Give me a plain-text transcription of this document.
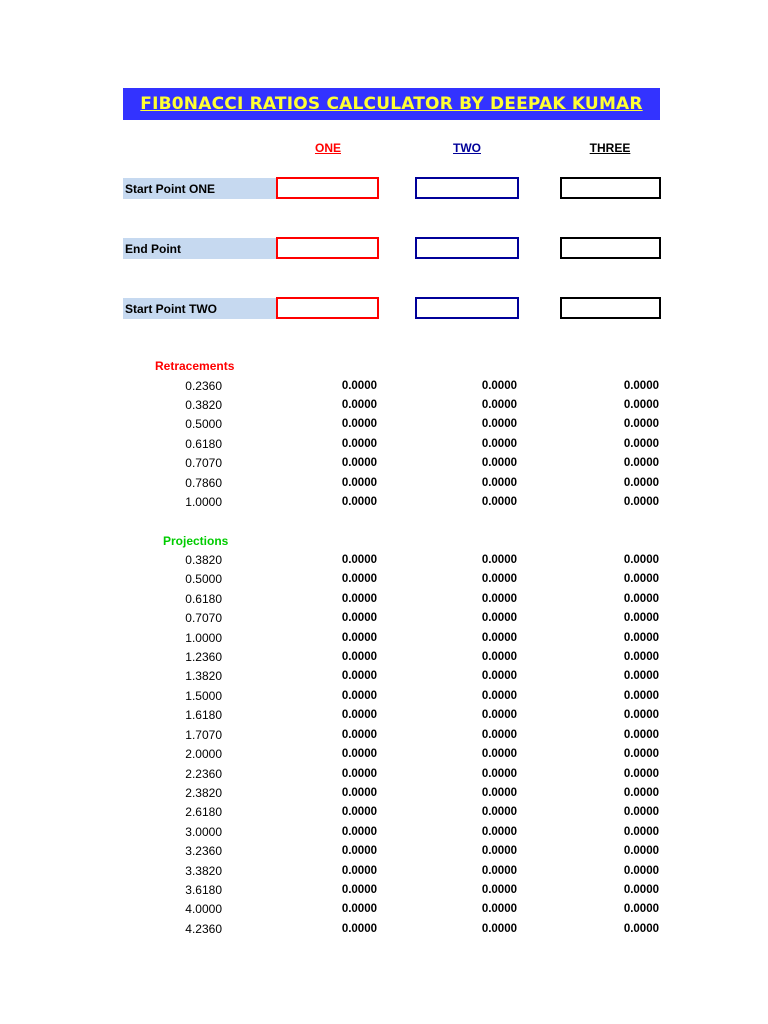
FIB0NACCI RATIOS CALCULATOR BY DEEPAK KUMAR
ONE	TWO	THREE
Start Point ONE
End Point
Start Point TWO
Retracements
Projections
0.2360	0.0000	0.0000	0.0000
0.3820	0.0000	0.0000	0.0000
0.5000	0.0000	0.0000	0.0000
0.6180	0.0000	0.0000	0.0000
0.7070	0.0000	0.0000	0.0000
0.7860	0.0000	0.0000	0.0000
1.0000	0.0000	0.0000	0.0000
0.3820	0.0000	0.0000	0.0000
0.5000	0.0000	0.0000	0.0000
0.6180	0.0000	0.0000	0.0000
0.7070	0.0000	0.0000	0.0000
1.0000	0.0000	0.0000	0.0000
1.2360	0.0000	0.0000	0.0000
1.3820	0.0000	0.0000	0.0000
1.5000	0.0000	0.0000	0.0000
1.6180	0.0000	0.0000	0.0000
1.7070	0.0000	0.0000	0.0000
2.0000	0.0000	0.0000	0.0000
2.2360	0.0000	0.0000	0.0000
2.3820	0.0000	0.0000	0.0000
2.6180	0.0000	0.0000	0.0000
3.0000	0.0000	0.0000	0.0000
3.2360	0.0000	0.0000	0.0000
3.3820	0.0000	0.0000	0.0000
3.6180	0.0000	0.0000	0.0000
4.0000	0.0000	0.0000	0.0000
4.2360	0.0000	0.0000	0.0000
